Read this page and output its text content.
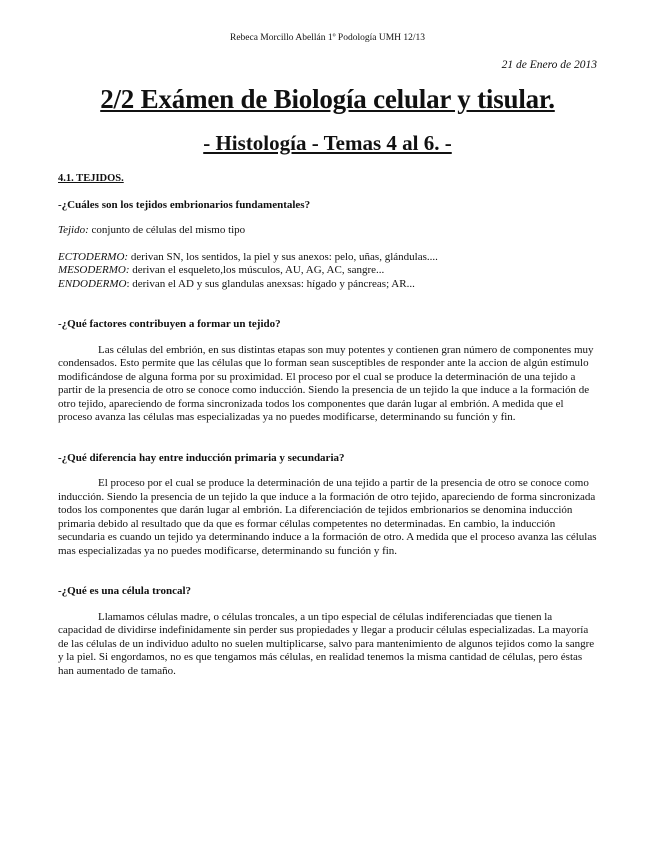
Rebeca Morcillo Abellán 1º Podología UMH 12/13
21 de Enero de 2013
2/2 Exámen de Biología celular y tisular.
- Histología - Temas 4 al 6. -
4.1. TEJIDOS.
-¿Cuáles son los tejidos embrionarios fundamentales?
Tejido: conjunto de células del mismo tipo
ECTODERMO: derivan SN, los sentidos, la piel y sus anexos: pelo, uñas, glándulas....
MESODERMO: derivan el esqueleto,los músculos, AU, AG, AC, sangre...
ENDODERMO: derivan el AD y sus glandulas anexsas: hígado y páncreas; AR...
-¿Qué factores contribuyen a formar un tejido?
Las células del embrión, en sus distintas etapas son muy potentes y contienen gran número de componentes muy condensados. Esto permite que las células que lo forman sean susceptibles de responder ante la accion de algún estímulo modificándose de alguna forma por su proximidad. El proceso por el cual se produce la determinación de una tejido a partir de la presencia de otro se conoce como inducción. Siendo la presencia de un tejido la que induce a la formación de otro tejido, apareciendo de forma sincronizada todos los componentes que darán lugar al embrión. A medida que el proceso avanza las células mas especializadas ya no puedes modificarse, determinando su función y fin.
-¿Qué diferencia hay entre inducción primaria y secundaria?
El proceso por el cual se produce la determinación de una tejido a partir de la presencia de otro se conoce como inducción. Siendo la presencia de un tejido la que induce a la formación de otro tejido, apareciendo de forma sincronizada todos los componentes que darán lugar al embrión. La diferenciación de tejidos embrionarios se denomina inducción primaria debido al resultado que da que es formar células competentes no determinadas. En cambio, la inducción secundaria es cuando un tejido ya determinando induce a la formación de otro. A medida que el proceso avanza las células mas especializadas ya no puedes modificarse, determinando su función y fin.
-¿Qué es una célula troncal?
Llamamos células madre, o células troncales, a un tipo especial de células indiferenciadas que tienen la capacidad de dividirse indefinidamente sin perder sus propiedades y llegar a producir células especializadas. La mayoría de las células de un individuo adulto no suelen multiplicarse, salvo para mantenimiento de algunos tejidos como la sangre y la piel. Si engordamos, no es que tengamos más células, en realidad tenemos la misma cantidad de células, pero éstas han aumentado de tamaño.
